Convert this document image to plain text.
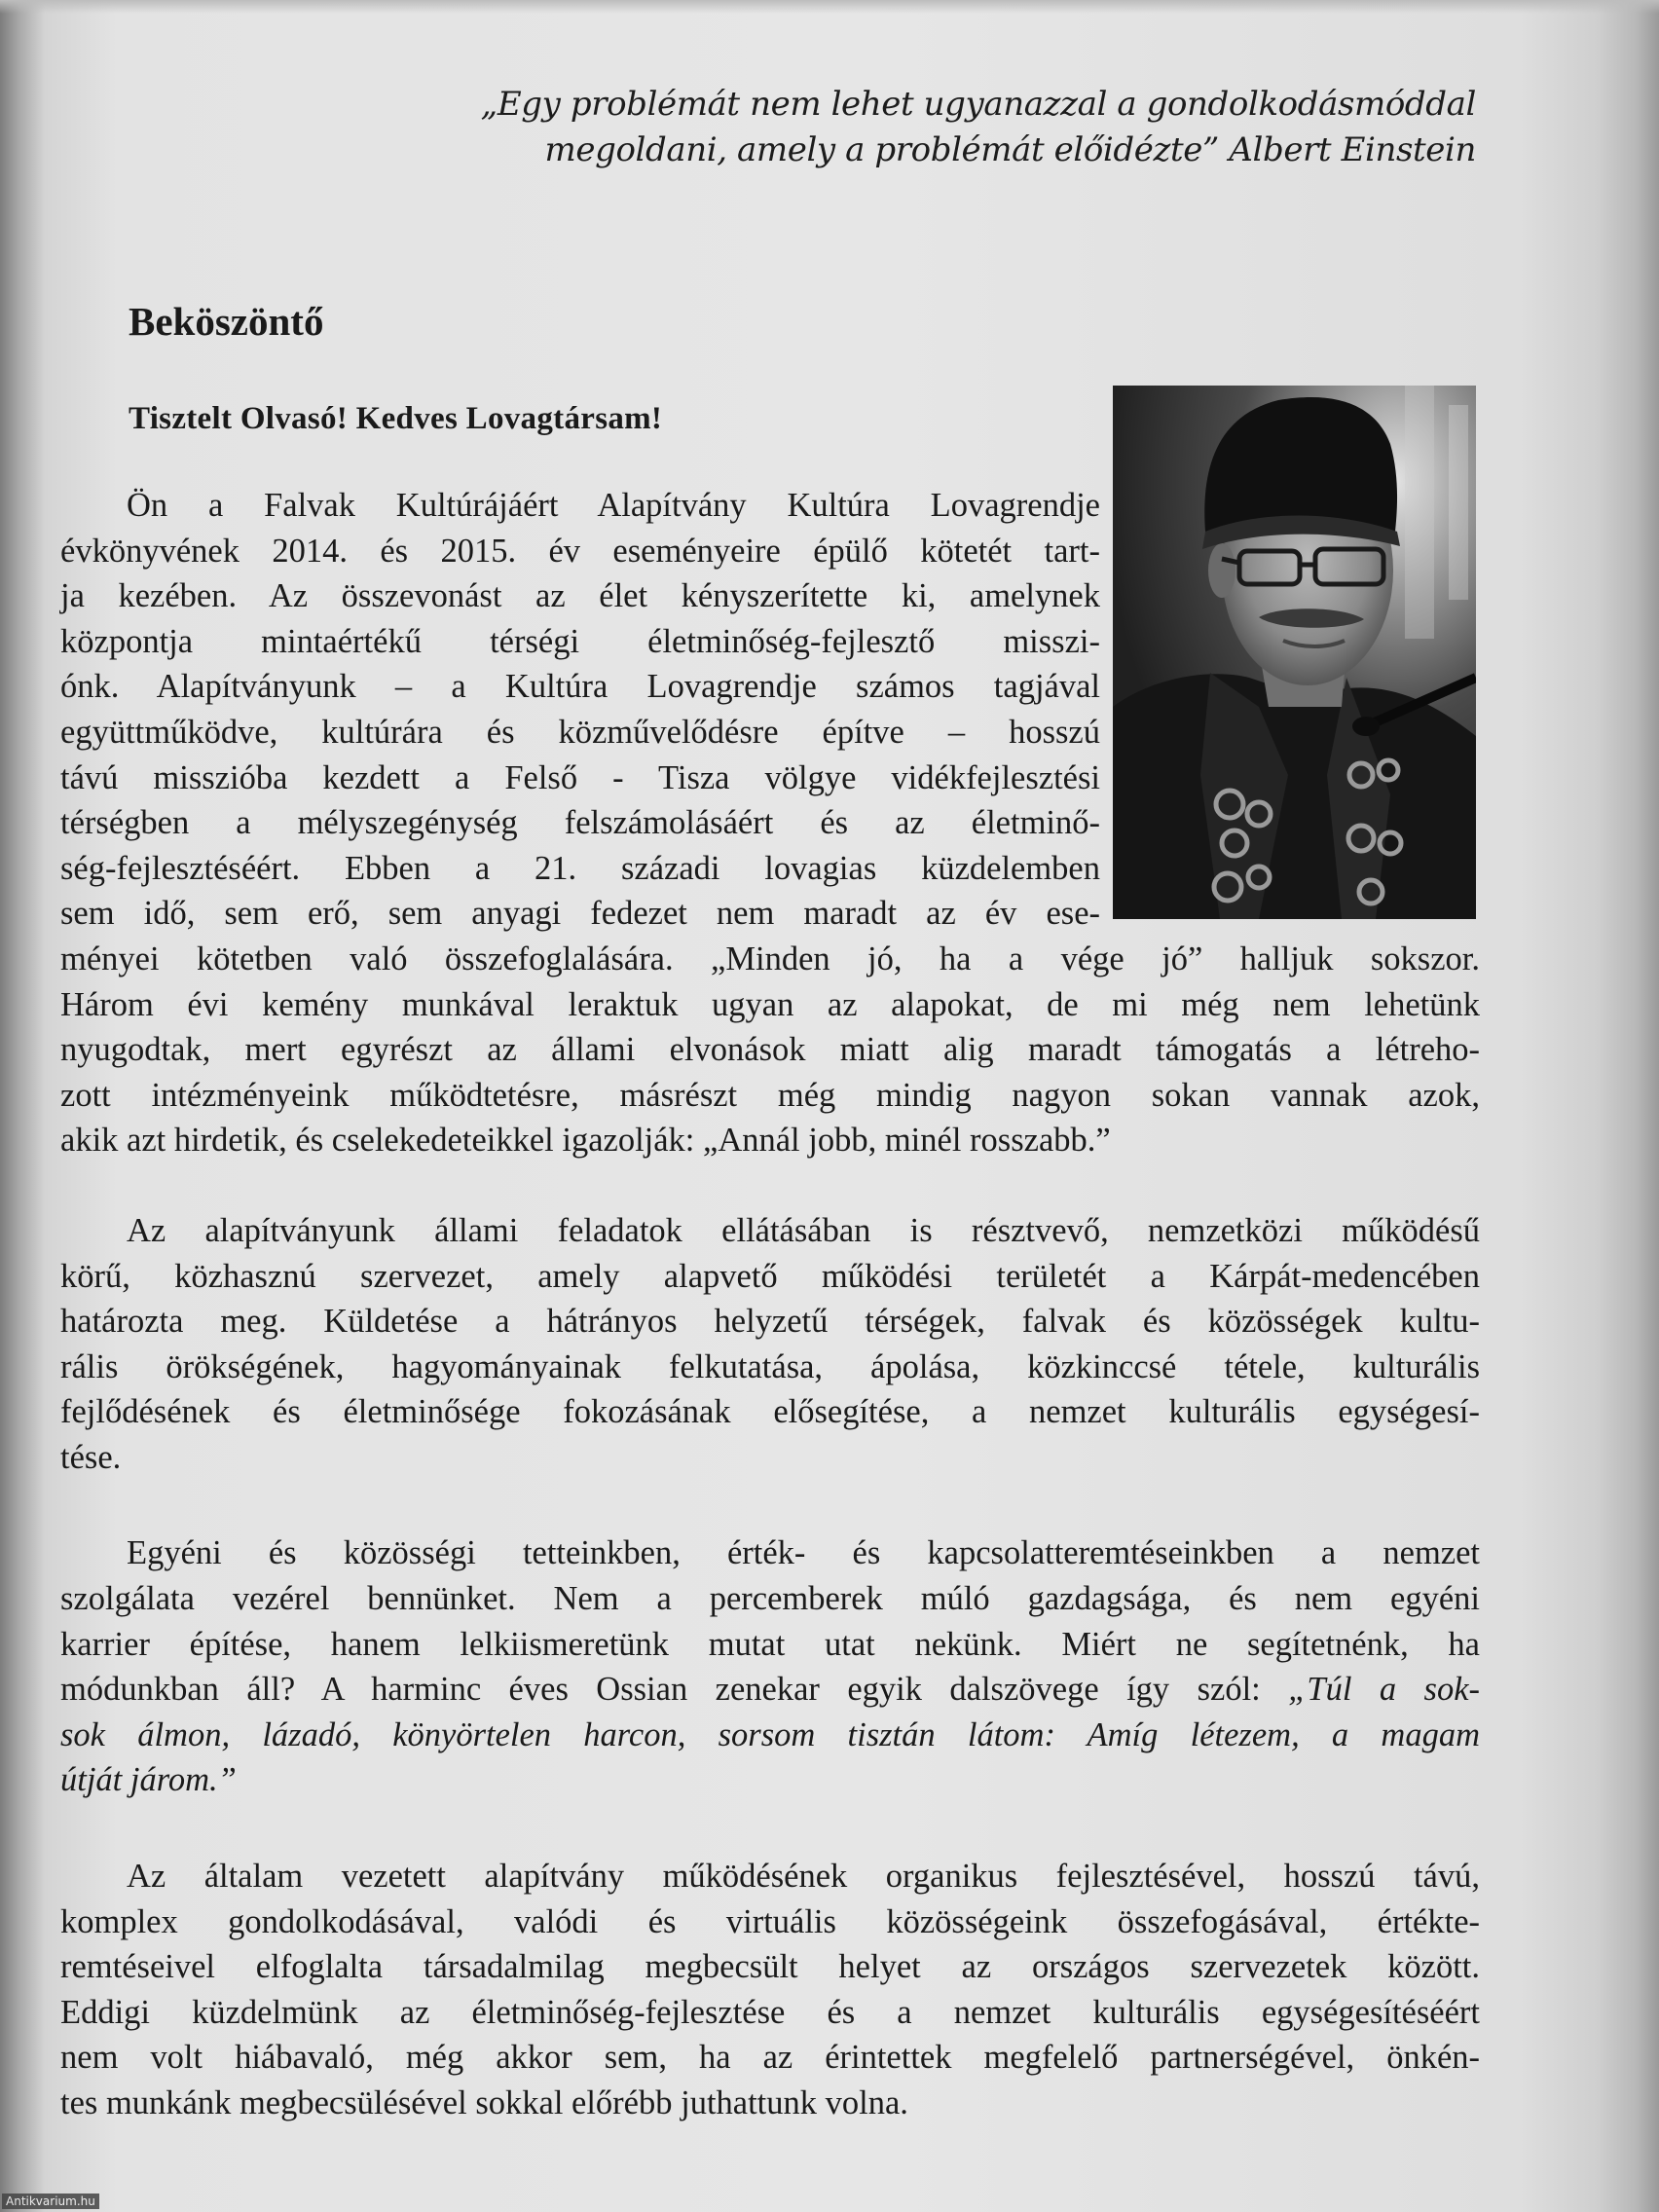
„Egy problémát nem lehet ugyanazzal a gondolkodásmóddal
megoldani, amely a problémát előidézte” Albert Einstein
Beköszöntő

Tisztelt Olvasó! Kedves Lovagtársam!

Ön a Falvak Kultúrájáért Alapítvány Kultúra Lovagrendje
évkönyvének 2014. és 2015. év eseményeire épülő kötetét tart-
ja kezében. Az összevonást az élet kényszerítette ki, amelynek
központja mintaértékű térségi életminőség-fejlesztő misszi-
ónk. Alapítványunk – a Kultúra Lovagrendje számos tagjával
együttműködve, kultúrára és közművelődésre építve – hosszú
távú misszióba kezdett a Felső - Tisza völgye vidékfejlesztési
térségben a mélyszegénység felszámolásáért és az életminő-
ség-fejlesztéséért. Ebben a 21. századi lovagias küzdelemben
sem idő, sem erő, sem anyagi fedezet nem maradt az év ese-
ményei kötetben való összefoglalására. „Minden jó, ha a vége jó” halljuk sokszor.
Három évi kemény munkával leraktuk ugyan az alapokat, de mi még nem lehetünk
nyugodtak, mert egyrészt az állami elvonások miatt alig maradt támogatás a létreho-
zott intézményeink működtetésre, másrészt még mindig nagyon sokan vannak azok,
akik azt hirdetik, és cselekedeteikkel igazolják: „Annál jobb, minél rosszabb.”
Az alapítványunk állami feladatok ellátásában is résztvevő, nemzetközi működésű
körű, közhasznú szervezet, amely alapvető működési területét a Kárpát-medencében
határozta meg. Küldetése a hátrányos helyzetű térségek, falvak és közösségek kultu-
rális örökségének, hagyományainak felkutatása, ápolása, közkinccsé tétele, kulturális
fejlődésének és életminősége fokozásának elősegítése, a nemzet kulturális egységesí-
tése.
Egyéni és közösségi tetteinkben, érték- és kapcsolatteremtéseinkben a nemzet
szolgálata vezérel bennünket. Nem a percemberek múló gazdagsága, és nem egyéni
karrier építése, hanem lelkiismeretünk mutat utat nekünk. Miért ne segítetnénk, ha
módunkban áll? A harminc éves Ossian zenekar egyik dalszövege így szól: „Túl a sok-
sok álmon, lázadó, könyörtelen harcon, sorsom tisztán látom: Amíg létezem, a magam
útját járom.”
Az általam vezetett alapítvány működésének organikus fejlesztésével, hosszú távú,
komplex gondolkodásával, valódi és virtuális közösségeink összefogásával, értékte-
remtéseivel elfoglalta társadalmilag megbecsült helyet az országos szervezetek között.
Eddigi küzdelmünk az életminőség-fejlesztése és a nemzet kulturális egységesítéséért
nem volt hiábavaló, még akkor sem, ha az érintettek megfelelő partnerségével, önkén-
tes munkánk megbecsülésével sokkal előrébb juthattunk volna.
Antikvarium.hu
